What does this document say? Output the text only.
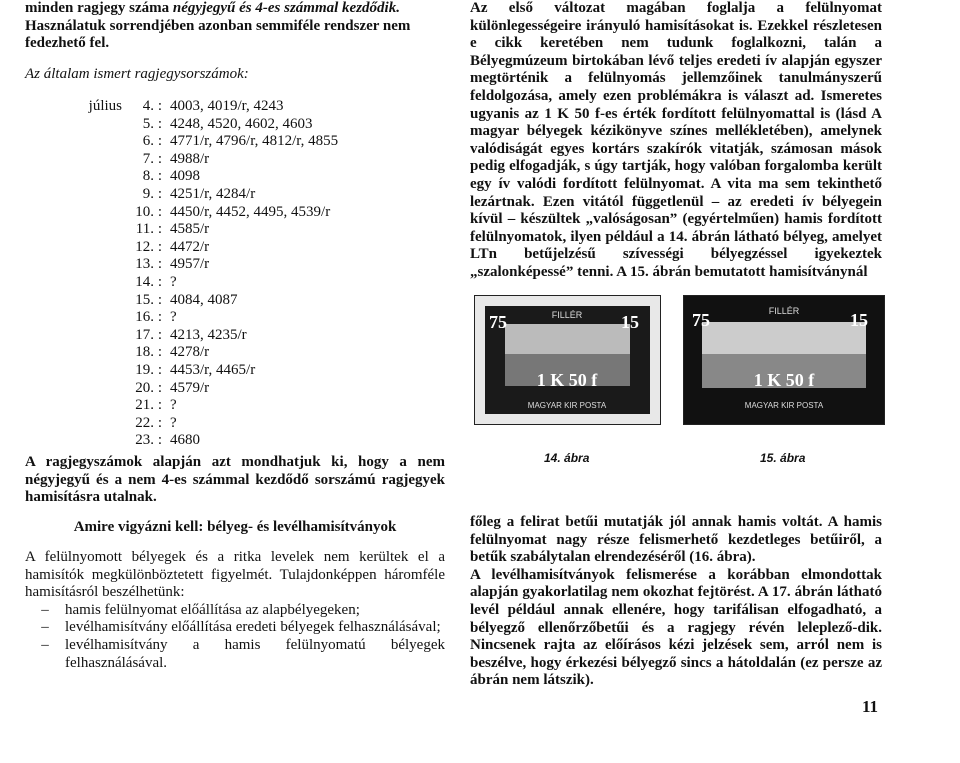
minden ragjegy száma négyjegyű és 4-es számmal kezdődik.
Használatuk sorrendjében azonban semmiféle rendszer nem
fedezhető fel.

Az általam ismert ragjegysorszámok:
július	4. : 4003, 4019/r, 4243
5. : 4248, 4520, 4602, 4603
6. : 4771/r, 4796/r, 4812/r, 4855
7. : 4988/r
8. : 4098
9. : 4251/r, 4284/r
10. : 4450/r, 4452, 4495, 4539/r
11. : 4585/r
12. : 4472/r
13. : 4957/r
14. : ?
15. : 4084, 4087
16. : ?
17. : 4213, 4235/r
18. : 4278/r
19. : 4453/r, 4465/r
20. : 4579/r
21. : ?
22. : ?
23. : 4680

A ragjegyszámok alapján azt mondhatjuk ki, hogy a nem négyjegyű és a nem 4-es számmal kezdődő sorszámú ragjegyek hamisításra utalnak.

Amire vigyázni kell: bélyeg- és levélhamisítványok

A felülnyomott bélyegek és a ritka levelek nem kerültek el a hamisítók megkülönböztetett figyelmét. Tulajdonképpen háromféle hamisításról beszélhetünk:

–	hamis felülnyomat előállítása az alapbélyegeken;
–	levélhamisítvány előállítása eredeti bélyegek felhasználásával;
–	levélhamisítvány a hamis felülnyomatú bélyegek felhasználásával.

Az első változat magában foglalja a felülnyomat különlegességeire irányuló hamisításokat is. Ezekkel részletesen e cikk keretében nem tudunk foglalkozni, talán a Bélyegmúzeum birtokában lévő teljes eredeti ív alapján egyszer megtörténik a felülnyomás jellemzőinek tanulmányszerű feldolgozása, amely ezen problémákra is választ ad. Ismeretes ugyanis az 1 K 50 f-es érték fordított felülnyomattal is (lásd A magyar bélyegek kézikönyve színes mellékletében), amelynek valódiságát egyes kortárs szakírók vitatják, számosan mások pedig elfogadják, s úgy tartják, hogy valóban forgalomba került egy ív valódi fordított felülnyomat. A vita ma sem tekinthető lezártnak. Ezen vitától függetlenül – az eredeti ív bélyegein kívül – készültek „valóságosan” (egyértelműen) hamis fordított felülnyomatok, ilyen például a 14. ábrán látható bélyeg, amelyet LTn betűjelzésű szívességi bélyegzéssel igyekeztek „szalonképessé” tenni. A 15. ábrán bemutatott hamisítványnál

FILLÉR
75	15
1 K 50 f
MAGYAR KIR POSTA
FILLÉR
75	15
1 K 50 f
MAGYAR KIR POSTA
14. ábra	15. ábra

főleg a felirat betűi mutatják jól annak hamis voltát. A hamis felülnyomat nagy része felismerhető kezdetleges betűiről, a betűk szabálytalan elrendezéséről (16. ábra).

A levélhamisítványok felismerése a korábban elmondottak alapján gyakorlatilag nem okozhat fejtörést. A 17. ábrán látható levél például annak ellenére, hogy tarifálisan elfogadható, a bélyegző ellenőrzőbetűi és a ragjegy révén leleplező-dik. Nincsenek rajta az előírásos kézi jelzések sem, arról nem is beszélve, hogy érkezési bélyegző sincs a hátoldalán (ez persze az ábrán nem látszik).

11
